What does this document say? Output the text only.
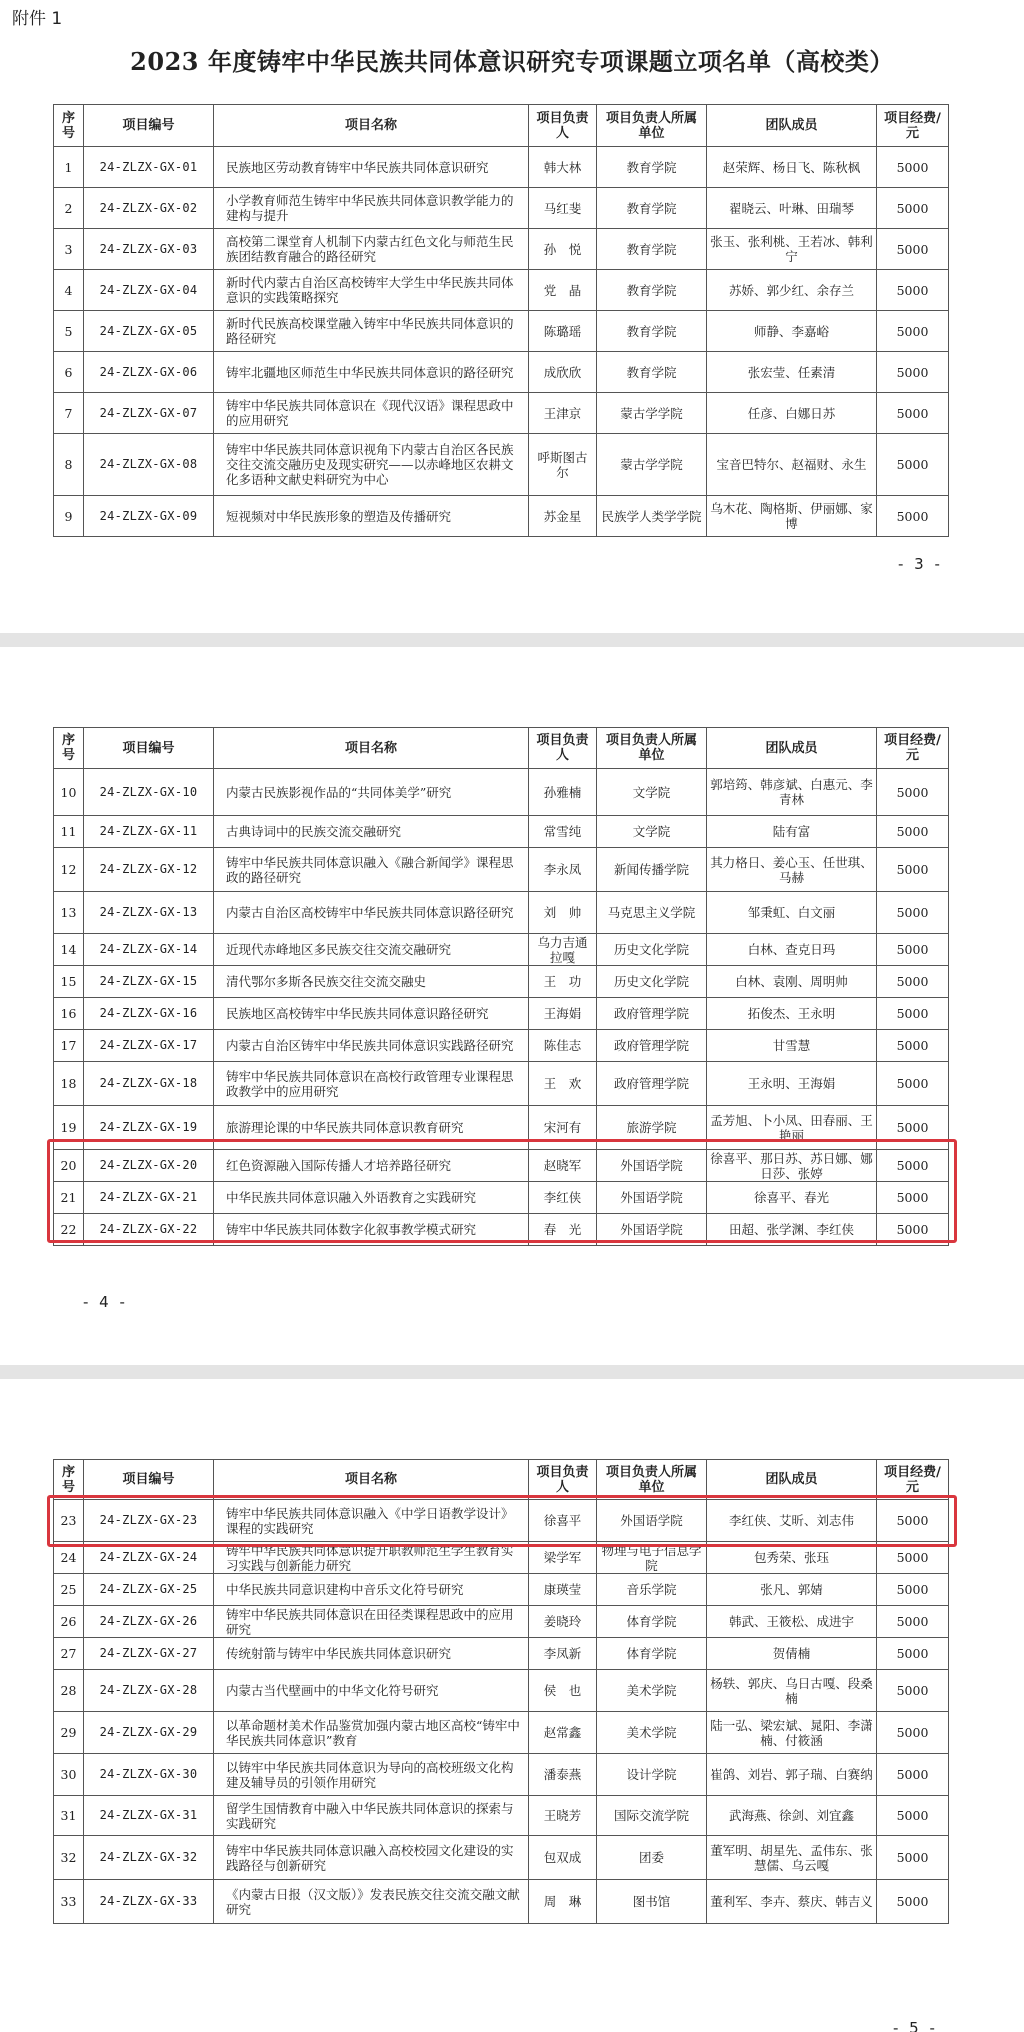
附件 1
2023 年度铸牢中华民族共同体意识研究专项课题立项名单（高校类）
序号	项目编号	项目名称	项目负责人	项目负责人所属单位	团队成员	项目经费/元
1	24-ZLZX-GX-01	民族地区劳动教育铸牢中华民族共同体意识研究	韩大林	教育学院	赵荣辉、杨日飞、陈秋枫	5000
2	24-ZLZX-GX-02	小学教育师范生铸牢中华民族共同体意识教学能力的建构与提升	马红斐	教育学院	翟晓云、叶琳、田瑞琴	5000
3	24-ZLZX-GX-03	高校第二课堂育人机制下内蒙古红色文化与师范生民族团结教育融合的路径研究	孙　悦	教育学院	张玉、张利桃、王若冰、韩利宁	5000
4	24-ZLZX-GX-04	新时代内蒙古自治区高校铸牢大学生中华民族共同体意识的实践策略探究	党　晶	教育学院	苏娇、郭少红、余存兰	5000
5	24-ZLZX-GX-05	新时代民族高校课堂融入铸牢中华民族共同体意识的路径研究	陈璐瑶	教育学院	师静、李嘉峪	5000
6	24-ZLZX-GX-06	铸牢北疆地区师范生中华民族共同体意识的路径研究	成欣欣	教育学院	张宏莹、任素清	5000
7	24-ZLZX-GX-07	铸牢中华民族共同体意识在《现代汉语》课程思政中的应用研究	王津京	蒙古学学院	任彦、白娜日苏	5000
8	24-ZLZX-GX-08	铸牢中华民族共同体意识视角下内蒙古自治区各民族交往交流交融历史及现实研究——以赤峰地区农耕文化多语种文献史料研究为中心	呼斯图古尔	蒙古学学院	宝音巴特尔、赵福财、永生	5000
9	24-ZLZX-GX-09	短视频对中华民族形象的塑造及传播研究	苏金星	民族学人类学学院	乌木花、陶格斯、伊丽娜、家博	5000
- 3 -
序号	项目编号	项目名称	项目负责人	项目负责人所属单位	团队成员	项目经费/元
10	24-ZLZX-GX-10	内蒙古民族影视作品的“共同体美学”研究	孙雅楠	文学院	郭培筠、韩彦斌、白惠元、李青林	5000
11	24-ZLZX-GX-11	古典诗词中的民族交流交融研究	常雪纯	文学院	陆有富	5000
12	24-ZLZX-GX-12	铸牢中华民族共同体意识融入《融合新闻学》课程思政的路径研究	李永凤	新闻传播学院	其力格日、姜心玉、任世琪、马赫	5000
13	24-ZLZX-GX-13	内蒙古自治区高校铸牢中华民族共同体意识路径研究	刘　帅	马克思主义学院	邹秉虹、白文丽	5000
14	24-ZLZX-GX-14	近现代赤峰地区多民族交往交流交融研究	乌力吉通拉嘎	历史文化学院	白林、查克日玛	5000
15	24-ZLZX-GX-15	清代鄂尔多斯各民族交往交流交融史	王　功	历史文化学院	白林、袁刚、周明帅	5000
16	24-ZLZX-GX-16	民族地区高校铸牢中华民族共同体意识路径研究	王海娟	政府管理学院	拓俊杰、王永明	5000
17	24-ZLZX-GX-17	内蒙古自治区铸牢中华民族共同体意识实践路径研究	陈佳志	政府管理学院	甘雪慧	5000
18	24-ZLZX-GX-18	铸牢中华民族共同体意识在高校行政管理专业课程思政教学中的应用研究	王　欢	政府管理学院	王永明、王海娟	5000
19	24-ZLZX-GX-19	旅游理论课的中华民族共同体意识教育研究	宋河有	旅游学院	孟芳旭、卜小凤、田春丽、王艳丽	5000
20	24-ZLZX-GX-20	红色资源融入国际传播人才培养路径研究	赵晓军	外国语学院	徐喜平、那日苏、苏日娜、娜日莎、张婷	5000
21	24-ZLZX-GX-21	中华民族共同体意识融入外语教育之实践研究	李红侠	外国语学院	徐喜平、春光	5000
22	24-ZLZX-GX-22	铸牢中华民族共同体数字化叙事教学模式研究	春　光	外国语学院	田超、张学渊、李红侠	5000
- 4 -
序号	项目编号	项目名称	项目负责人	项目负责人所属单位	团队成员	项目经费/元
23	24-ZLZX-GX-23	铸牢中华民族共同体意识融入《中学日语教学设计》课程的实践研究	徐喜平	外国语学院	李红侠、艾昕、刘志伟	5000
24	24-ZLZX-GX-24	铸牢中华民族共同体意识提升职教师范生学生教育实习实践与创新能力研究	梁学军	物理与电子信息学院	包秀荣、张珏	5000
25	24-ZLZX-GX-25	中华民族共同意识建构中音乐文化符号研究	康瑛莹	音乐学院	张凡、郭婧	5000
26	24-ZLZX-GX-26	铸牢中华民族共同体意识在田径类课程思政中的应用研究	姜晓玲	体育学院	韩武、王筱松、成进宇	5000
27	24-ZLZX-GX-27	传统射箭与铸牢中华民族共同体意识研究	李凤新	体育学院	贺倩楠	5000
28	24-ZLZX-GX-28	内蒙古当代壁画中的中华文化符号研究	侯　也	美术学院	杨轶、郭庆、乌日古嘎、段桑楠	5000
29	24-ZLZX-GX-29	以革命题材美术作品鉴赏加强内蒙古地区高校“铸牢中华民族共同体意识”教育	赵常鑫	美术学院	陆一弘、梁宏斌、晁阳、李潇楠、付筱涵	5000
30	24-ZLZX-GX-30	以铸牢中华民族共同体意识为导向的高校班级文化构建及辅导员的引领作用研究	潘泰燕	设计学院	崔鸽、刘岩、郭子瑞、白赛纳	5000
31	24-ZLZX-GX-31	留学生国情教育中融入中华民族共同体意识的探索与实践研究	王晓芳	国际交流学院	武海燕、徐剑、刘宜鑫	5000
32	24-ZLZX-GX-32	铸牢中华民族共同体意识融入高校校园文化建设的实践路径与创新研究	包双成	团委	董军明、胡星先、孟伟东、张慧儒、乌云嘎	5000
33	24-ZLZX-GX-33	《内蒙古日报（汉文版）》发表民族交往交流交融文献研究	周　琳	图书馆	董利军、李卉、蔡庆、韩吉义	5000
- 5 -
